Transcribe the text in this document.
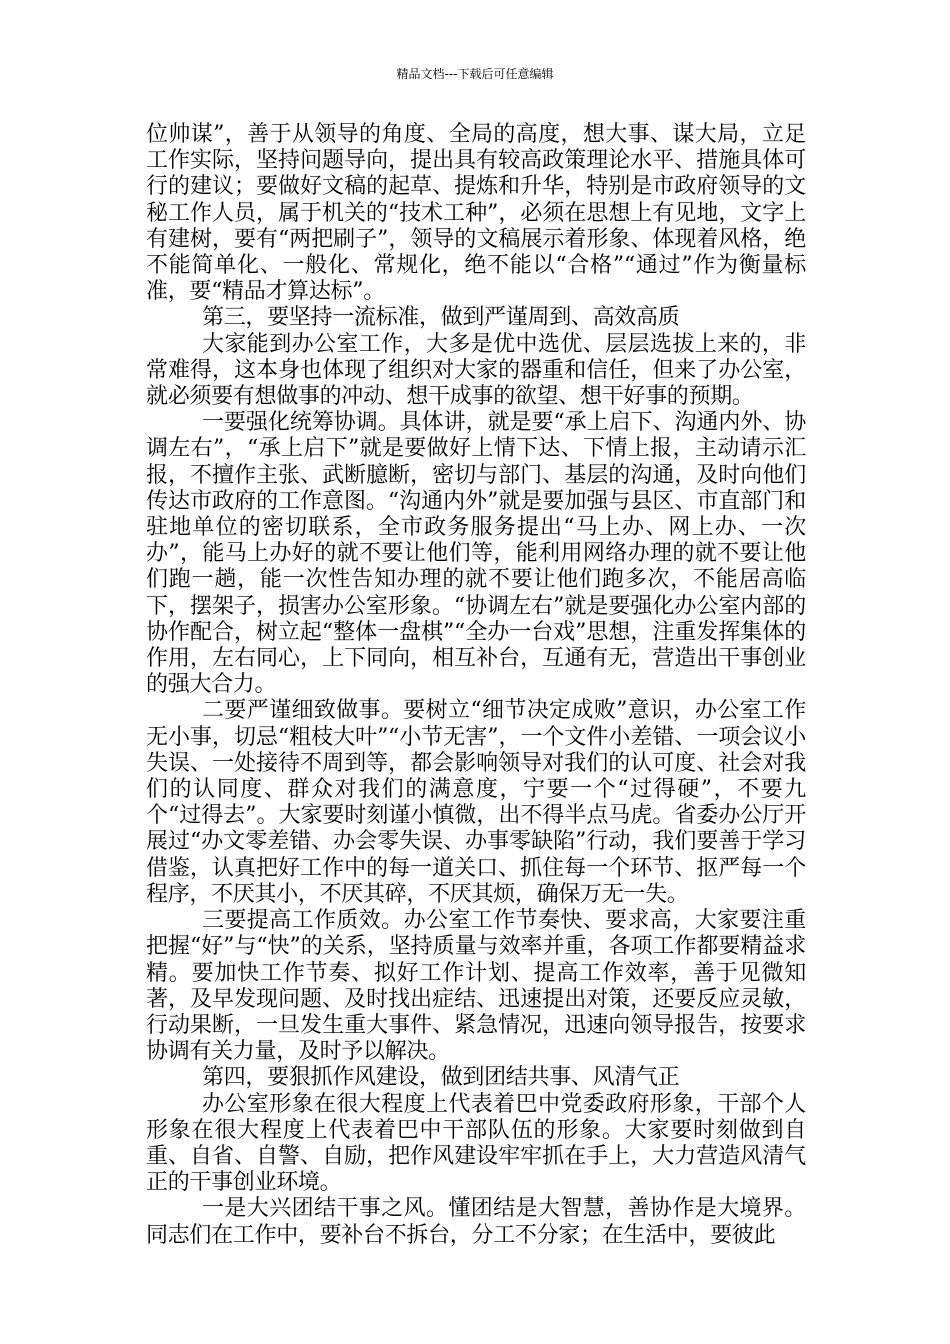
精品文档---下载后可任意编辑

位帅谋”，善于从领导的角度、全局的高度，想大事、谋大局，立足工作实际，坚持问题导向，提出具有较高政策理论水平、措施具体可行的建议；要做好文稿的起草、提炼和升华，特别是市政府领导的文秘工作人员，属于机关的“技术工种”，必须在思想上有见地，文字上有建树，要有“两把刷子”，领导的文稿展示着形象、体现着风格，绝不能简单化、一般化、常规化，绝不能以“合格”“通过”作为衡量标准，要“精品才算达标”。

第三，要坚持一流标准，做到严谨周到、高效高质

大家能到办公室工作，大多是优中选优、层层选拔上来的，非常难得，这本身也体现了组织对大家的器重和信任，但来了办公室，就必须要有想做事的冲动、想干成事的欲望、想干好事的预期。

一要强化统筹协调。具体讲，就是要“承上启下、沟通内外、协调左右”，“承上启下”就是要做好上情下达、下情上报，主动请示汇报，不擅作主张、武断臆断，密切与部门、基层的沟通，及时向他们传达市政府的工作意图。“沟通内外”就是要加强与县区、市直部门和驻地单位的密切联系，全市政务服务提出“马上办、网上办、一次办”，能马上办好的就不要让他们等，能利用网络办理的就不要让他们跑一趟，能一次性告知办理的就不要让他们跑多次，不能居高临下，摆架子，损害办公室形象。“协调左右”就是要强化办公室内部的协作配合，树立起“整体一盘棋”“全办一台戏”思想，注重发挥集体的作用，左右同心，上下同向，相互补台，互通有无，营造出干事创业的强大合力。

二要严谨细致做事。要树立“细节决定成败”意识，办公室工作无小事，切忌“粗枝大叶”“小节无害”，一个文件小差错、一项会议小失误、一处接待不周到等，都会影响领导对我们的认可度、社会对我们的认同度、群众对我们的满意度，宁要一个“过得硬”，不要九个“过得去”。大家要时刻谨小慎微，出不得半点马虎。省委办公厅开展过“办文零差错、办会零失误、办事零缺陷”行动，我们要善于学习借鉴，认真把好工作中的每一道关口、抓住每一个环节、抠严每一个程序，不厌其小，不厌其碎，不厌其烦，确保万无一失。

三要提高工作质效。办公室工作节奏快、要求高，大家要注重把握“好”与“快”的关系，坚持质量与效率并重，各项工作都要精益求精。要加快工作节奏、拟好工作计划、提高工作效率，善于见微知著，及早发现问题、及时找出症结、迅速提出对策，还要反应灵敏，行动果断，一旦发生重大事件、紧急情况，迅速向领导报告，按要求协调有关力量，及时予以解决。

第四，要狠抓作风建设，做到团结共事、风清气正

办公室形象在很大程度上代表着巴中党委政府形象，干部个人形象在很大程度上代表着巴中干部队伍的形象。大家要时刻做到自重、自省、自警、自励，把作风建设牢牢抓在手上，大力营造风清气正的干事创业环境。

一是大兴团结干事之风。懂团结是大智慧，善协作是大境界。同志们在工作中，要补台不拆台，分工不分家；在生活中，要彼此
